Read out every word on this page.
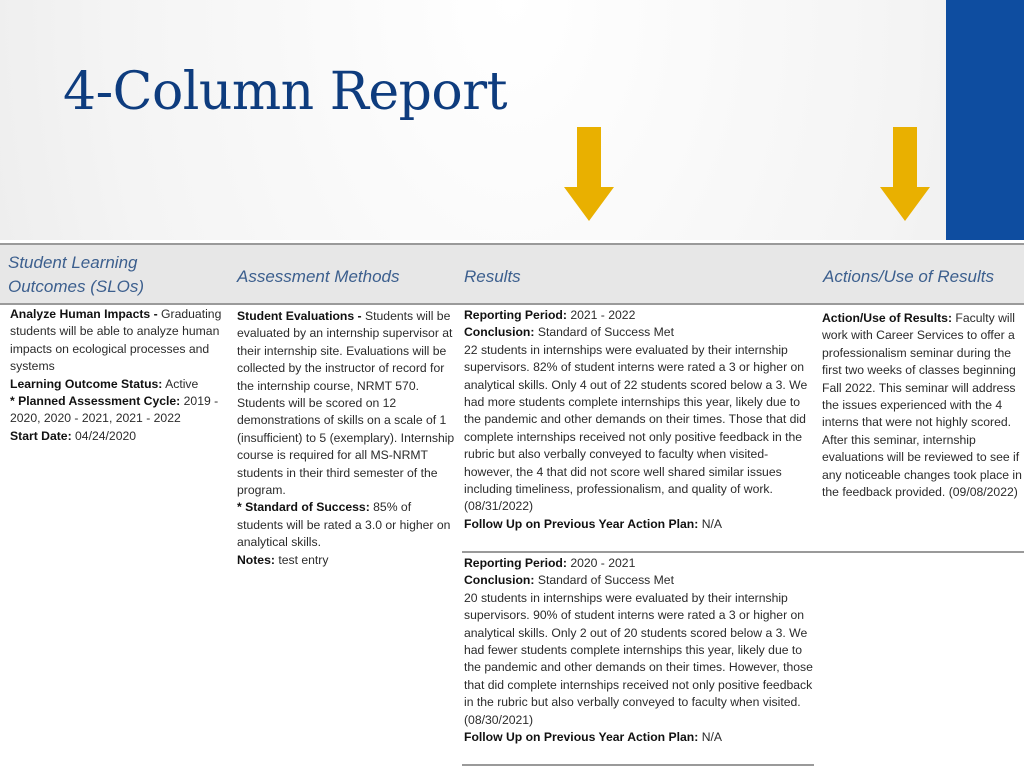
4-Column Report
Student Learning Outcomes (SLOs)
Assessment Methods	Results	Actions/Use of Results

Analyze Human Impacts - Graduating students will be able to analyze human impacts on ecological processes and systems

Learning Outcome Status: Active

* Planned Assessment Cycle: 2019 - 2020, 2020 - 2021, 2021 - 2022

Start Date: 04/24/2020

Student Evaluations - Students will be evaluated by an internship supervisor at their internship site. Evaluations will be collected by the instructor of record for the internship course, NRMT 570. Students will be scored on 12 demonstrations of skills on a scale of 1 (insufficient) to 5 (exemplary). Internship course is required for all MS-NRMT students in their third semester of the program.

* Standard of Success: 85% of students will be rated a 3.0 or higher on analytical skills.

Notes: test entry

Reporting Period: 2021 - 2022

Conclusion: Standard of Success Met

22 students in internships were evaluated by their internship supervisors. 82% of student interns were rated a 3 or higher on analytical skills. Only 4 out of 22 students scored below a 3. We had more students complete internships this year, likely due to the pandemic and other demands on their times. Those that did complete internships received not only positive feedback in the rubric but also verbally conveyed to faculty when visited- however, the 4 that did not score well shared similar issues including timeliness, professionalism, and quality of work.

(08/31/2022)

Follow Up on Previous Year Action Plan: N/A

Reporting Period: 2020 - 2021

Conclusion: Standard of Success Met

20 students in internships were evaluated by their internship supervisors. 90% of student interns were rated a 3 or higher on analytical skills. Only 2 out of 20 students scored below a 3. We had fewer students complete internships this year, likely due to the pandemic and other demands on their times. However, those that did complete internships received not only positive feedback in the rubric but also verbally conveyed to faculty when visited.

(08/30/2021)

Follow Up on Previous Year Action Plan: N/A

Action/Use of Results: Faculty will work with Career Services to offer a professionalism seminar during the first two weeks of classes beginning Fall 2022. This seminar will address the issues experienced with the 4 interns that were not highly scored. After this seminar, internship evaluations will be reviewed to see if any noticeable changes took place in the feedback provided. (09/08/2022)
